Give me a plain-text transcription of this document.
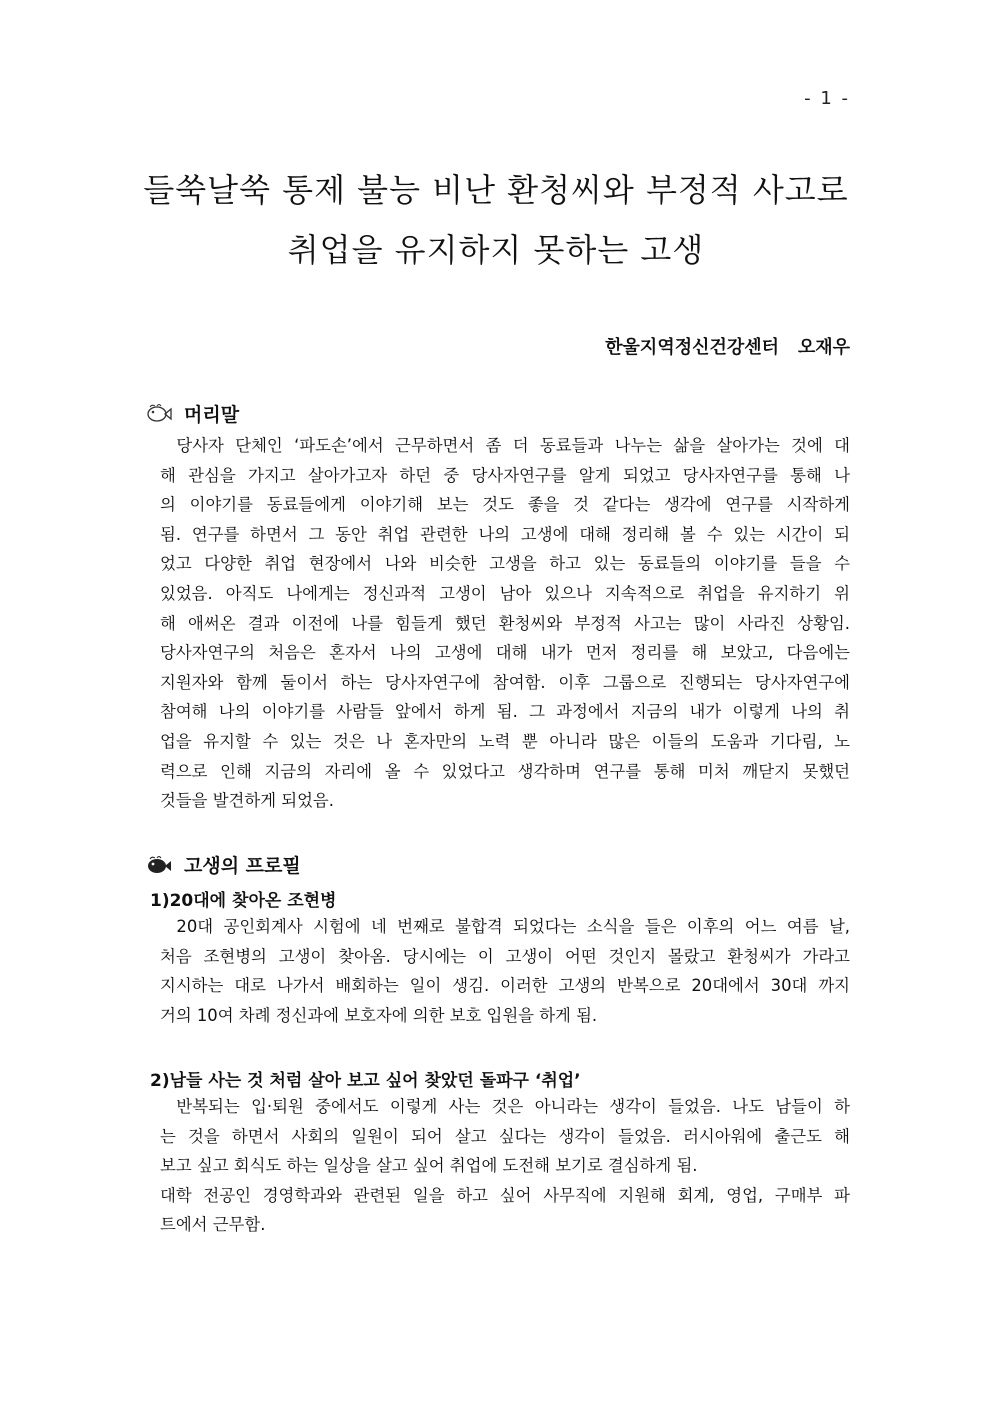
- 1 -
들쑥날쑥 통제 불능 비난 환청씨와 부정적 사고로
취업을 유지하지 못하는 고생
한울지역정신건강센터   오재우
머리말
당사자 단체인 ‘파도손’에서 근무하면서 좀 더 동료들과 나누는 삶을 살아가는 것에 대
해 관심을 가지고 살아가고자 하던 중 당사자연구를 알게 되었고 당사자연구를 통해 나
의 이야기를 동료들에게 이야기해 보는 것도 좋을 것 같다는 생각에 연구를 시작하게
됨. 연구를 하면서 그 동안 취업 관련한 나의 고생에 대해 정리해 볼 수 있는 시간이 되
었고 다양한 취업 현장에서 나와 비슷한 고생을 하고 있는 동료들의 이야기를 들을 수
있었음. 아직도 나에게는 정신과적 고생이 남아 있으나 지속적으로 취업을 유지하기 위
해 애써온 결과 이전에 나를 힘들게 했던 환청씨와 부정적 사고는 많이 사라진 상황임.
당사자연구의 처음은 혼자서 나의 고생에 대해 내가 먼저 정리를 해 보았고, 다음에는
지원자와 함께 둘이서 하는 당사자연구에 참여함. 이후 그룹으로 진행되는 당사자연구에
참여해 나의 이야기를 사람들 앞에서 하게 됨. 그 과정에서 지금의 내가 이렇게 나의 취
업을 유지할 수 있는 것은 나 혼자만의 노력 뿐 아니라 많은 이들의 도움과 기다림, 노
력으로 인해 지금의 자리에 올 수 있었다고 생각하며 연구를 통해 미처 깨닫지 못했던
것들을 발견하게 되었음.
고생의 프로필
1)20대에 찾아온 조현병
20대 공인회계사 시험에 네 번째로 불합격 되었다는 소식을 들은 이후의 어느 여름 날,
처음 조현병의 고생이 찾아옴. 당시에는 이 고생이 어떤 것인지 몰랐고 환청씨가 가라고
지시하는 대로 나가서 배회하는 일이 생김. 이러한 고생의 반복으로 20대에서 30대 까지
거의 10여 차례 정신과에 보호자에 의한 보호 입원을 하게 됨.
2)남들 사는 것 처럼 살아 보고 싶어 찾았던 돌파구 ‘취업’
반복되는 입·퇴원 중에서도 이렇게 사는 것은 아니라는 생각이 들었음. 나도 남들이 하
는 것을 하면서 사회의 일원이 되어 살고 싶다는 생각이 들었음. 러시아워에 출근도 해
보고 싶고 회식도 하는 일상을 살고 싶어 취업에 도전해 보기로 결심하게 됨.
대학 전공인 경영학과와 관련된 일을 하고 싶어 사무직에 지원해 회계, 영업, 구매부 파
트에서 근무함.
